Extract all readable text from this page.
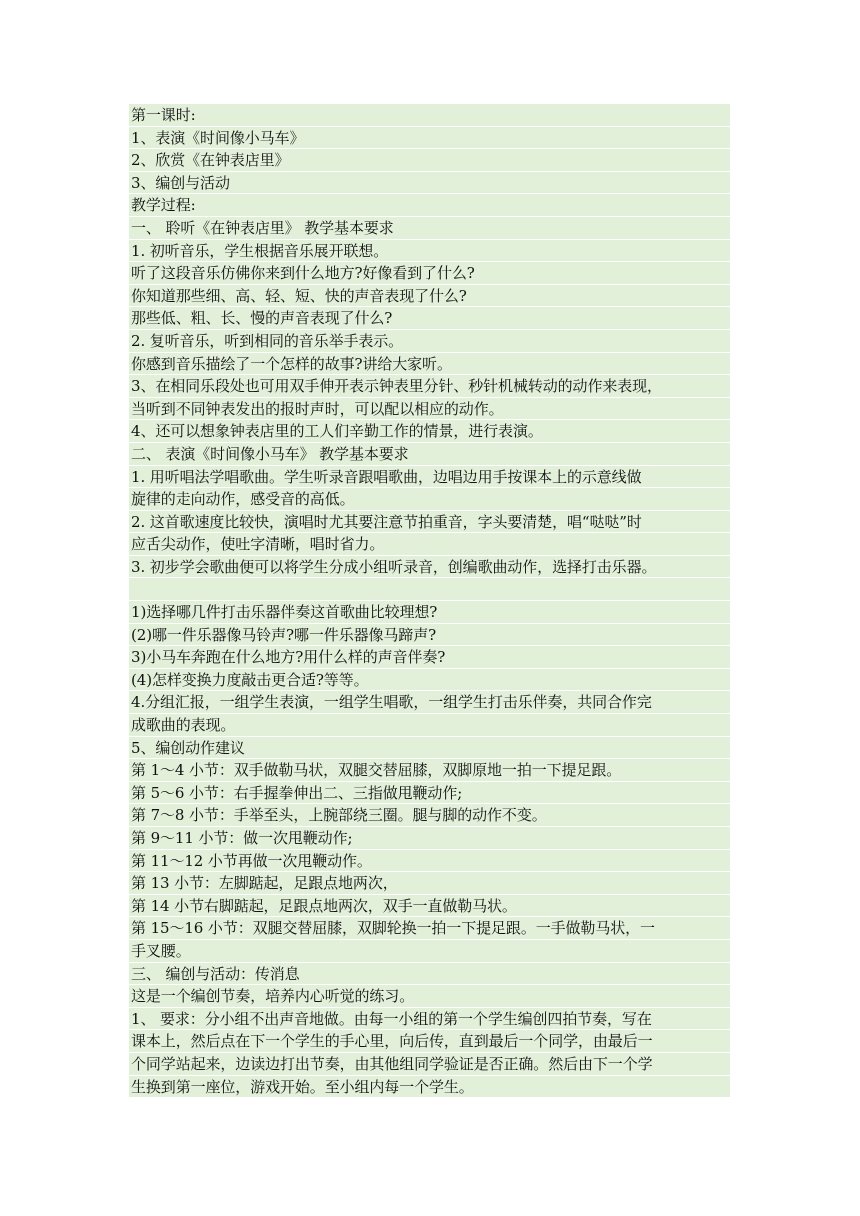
第一课时:
1、表演《时间像小马车》
2、欣赏《在钟表店里》
3、编创与活动
教学过程:
一、 聆听《在钟表店里》 教学基本要求
1. 初听音乐，学生根据音乐展开联想。
听了这段音乐仿佛你来到什么地方?好像看到了什么?
你知道那些细、高、轻、短、快的声音表现了什么?
那些低、粗、长、慢的声音表现了什么?
2. 复听音乐，听到相同的音乐举手表示。
你感到音乐描绘了一个怎样的故事?讲给大家听。
3、在相同乐段处也可用双手伸开表示钟表里分针、秒针机械转动的动作来表现，
当听到不同钟表发出的报时声时，可以配以相应的动作。
4、还可以想象钟表店里的工人们辛勤工作的情景，进行表演。
二、 表演《时间像小马车》 教学基本要求
1. 用听唱法学唱歌曲。学生听录音跟唱歌曲，边唱边用手按课本上的示意线做
旋律的走向动作，感受音的高低。
2. 这首歌速度比较快，演唱时尤其要注意节拍重音，字头要清楚，唱“哒哒”时
应舌尖动作，使吐字清晰，唱时省力。
3. 初步学会歌曲便可以将学生分成小组听录音，创编歌曲动作，选择打击乐器。
1)选择哪几件打击乐器伴奏这首歌曲比较理想?
(2)哪一件乐器像马铃声?哪一件乐器像马蹄声?
3)小马车奔跑在什么地方?用什么样的声音伴奏?
(4)怎样变换力度敲击更合适?等等。
4.分组汇报，一组学生表演，一组学生唱歌，一组学生打击乐伴奏，共同合作完
成歌曲的表现。
5、编创动作建议
第 1～4 小节：双手做勒马状，双腿交替屈膝，双脚原地一拍一下提足跟。
第 5～6 小节：右手握拳伸出二、三指做甩鞭动作;
第 7～8 小节：手举至头，上腕部绕三圈。腿与脚的动作不变。
第 9～11 小节：做一次甩鞭动作;
第 11～12 小节再做一次甩鞭动作。
第 13 小节：左脚踮起，足跟点地两次，
第 14 小节右脚踮起，足跟点地两次，双手一直做勒马状。
第 15～16 小节：双腿交替屈膝，双脚轮换一拍一下提足跟。一手做勒马状，一
手叉腰。
三、 编创与活动：传消息
这是一个编创节奏，培养内心听觉的练习。
1、 要求：分小组不出声音地做。由每一小组的第一个学生编创四拍节奏，写在
课本上，然后点在下一个学生的手心里，向后传，直到最后一个同学，由最后一
个同学站起来，边读边打出节奏，由其他组同学验证是否正确。然后由下一个学
生换到第一座位，游戏开始。至小组内每一个学生。
